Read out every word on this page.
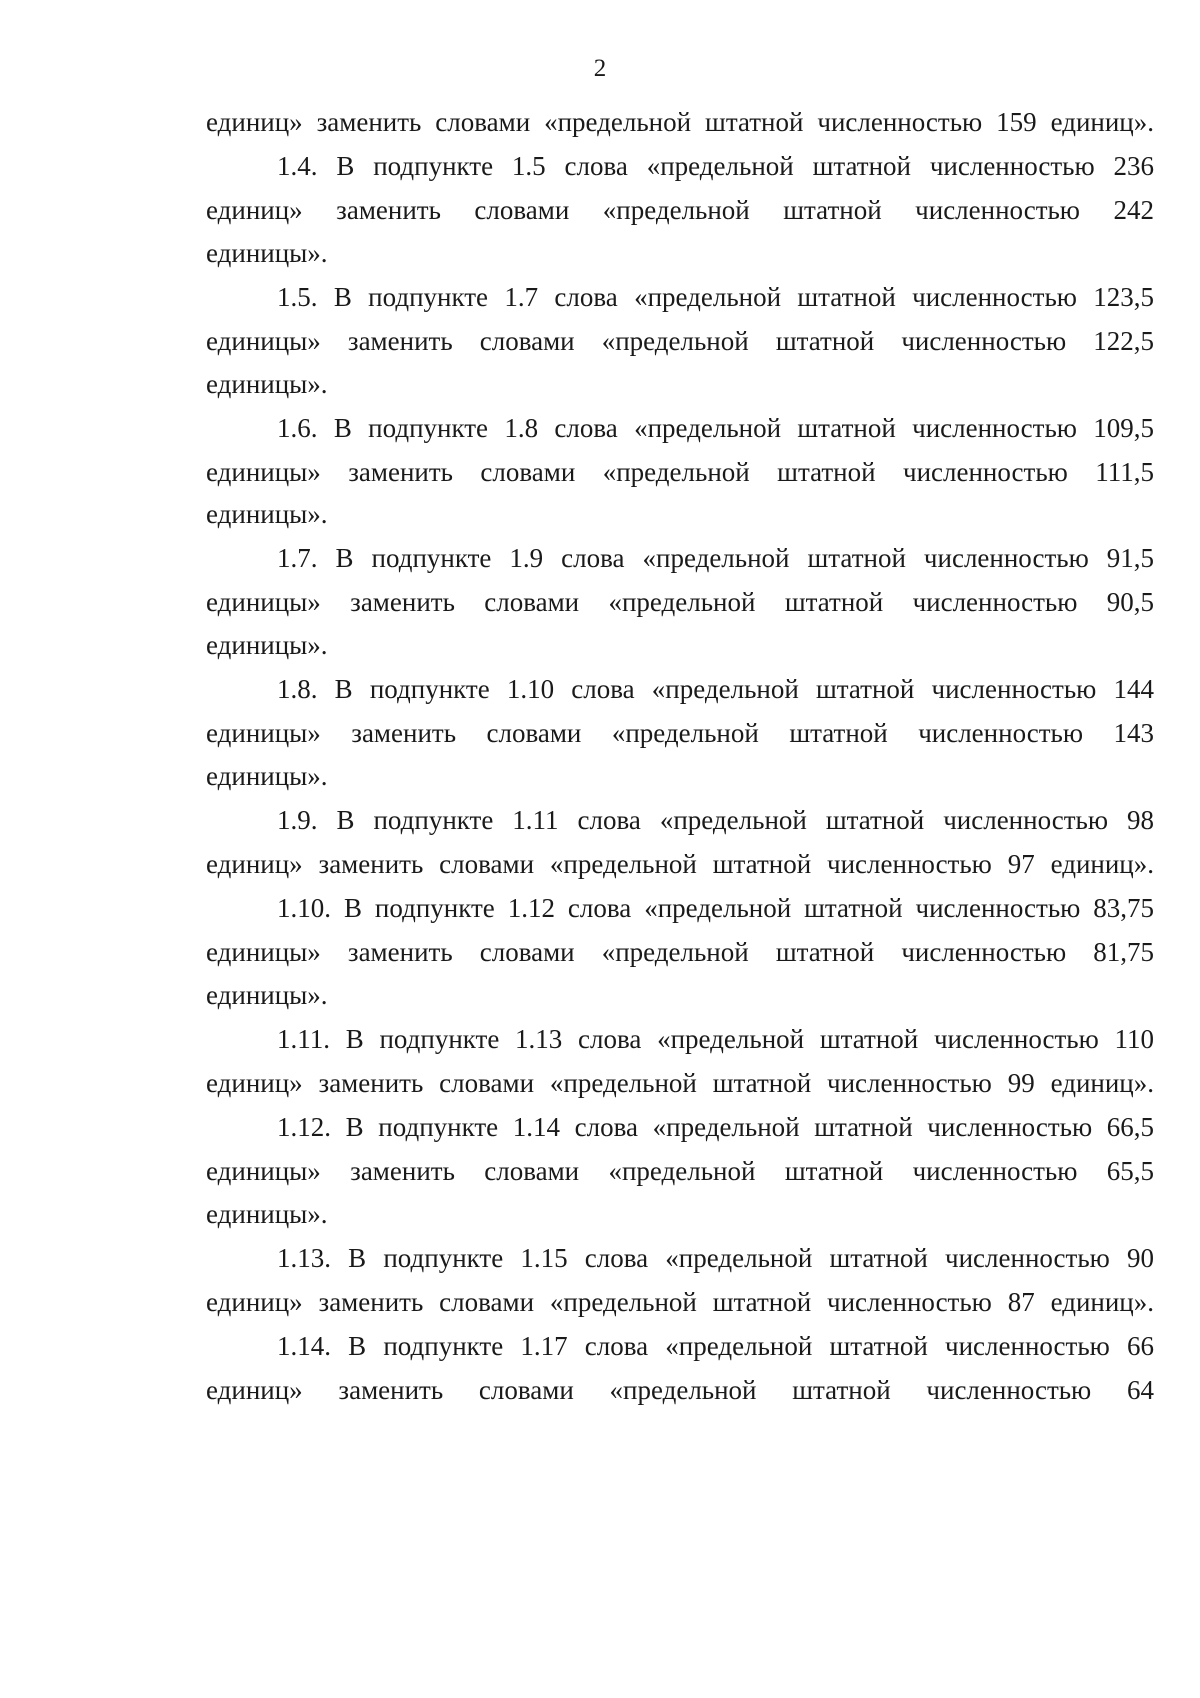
2
единиц» заменить словами «предельной штатной численностью 159 единиц».
1.4. В подпункте 1.5 слова «предельной штатной численностью 236
единиц» заменить словами «предельной штатной численностью 242
единицы».
1.5. В подпункте 1.7 слова «предельной штатной численностью 123,5
единицы» заменить словами «предельной штатной численностью 122,5
единицы».
1.6. В подпункте 1.8 слова «предельной штатной численностью 109,5
единицы» заменить словами «предельной штатной численностью 111,5
единицы».
1.7. В подпункте 1.9 слова «предельной штатной численностью 91,5
единицы» заменить словами «предельной штатной численностью 90,5
единицы».
1.8. В подпункте 1.10 слова «предельной штатной численностью 144
единицы» заменить словами «предельной штатной численностью 143
единицы».
1.9. В подпункте 1.11 слова «предельной штатной численностью 98
единиц» заменить словами «предельной штатной численностью 97 единиц».
1.10. В подпункте 1.12 слова «предельной штатной численностью 83,75
единицы» заменить словами «предельной штатной численностью 81,75
единицы».
1.11. В подпункте 1.13 слова «предельной штатной численностью 110
единиц» заменить словами «предельной штатной численностью 99 единиц».
1.12. В подпункте 1.14 слова «предельной штатной численностью 66,5
единицы» заменить словами «предельной штатной численностью 65,5
единицы».
1.13. В подпункте 1.15 слова «предельной штатной численностью 90
единиц» заменить словами «предельной штатной численностью 87 единиц».
1.14. В подпункте 1.17 слова «предельной штатной численностью 66
единиц» заменить словами «предельной штатной численностью 64
